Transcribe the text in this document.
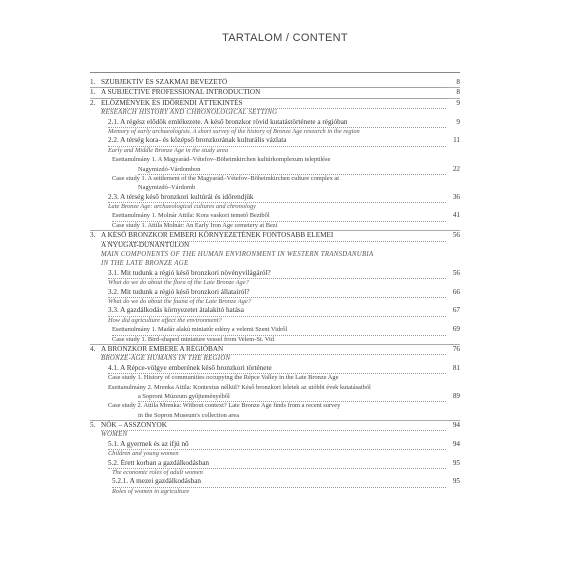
TARTALOM / CONTENT
1. SZUBJEKTÍV ÉS SZAKMAI BEVEZETŐ	8
1. A SUBJECTIVE PROFESSIONAL INTRODUCTION	8
2. ELŐZMÉNYEK ÉS IDŐRENDI ÁTTEKINTÉS	9
RESEARCH HISTORY AND CHRONOLOGICAL SETTING
2.1. A régész elődök emlékezete. A késő bronzkor rövid kutatástörténete a régióban	9
Memory of early archaeologists. A short survey of the history of Bronze Age research in the region
2.2. A térség kora- és középső bronzkorának kulturális vázlata	11
Early and Middle Bronze Age in the study area
Esettanulmány 1. A Magyarád–Vétefov–Böheimkirchen kultúrkomplexum települése
Nagymizdó-Várdombon	22
Case study 1. A settlement of the Magyarád–Vétefov–Böheimkirchen culture complex at
Nagymizdó–Várdomb
2.3. A térség késő bronzkori kultúrái és időrendjük	36
Late Bronze Age: archaeological cultures and chronology
Esettanulmány 1. Molnár Attila: Kora vaskori temető Beziből	41
Case study 1. Attila Molnár: An Early Iron Age cemetery at Bezi
3. A KÉSŐ BRONZKOR EMBERI KÖRNYEZETÉNEK FONTOSABB ELEMEI	56
A NYUGAT-DUNÁNTÚLON
MAIN COMPONENTS OF THE HUMAN ENVIRONMENT IN WESTERN TRANSDANUBIA
IN THE LATE BRONZE AGE
3.1. Mit tudunk a régió késő bronzkori növényvilágáról?	56
What do we do about the flora of the Late Bronze Age?
3.2. Mit tudunk a régió késő bronzkori állatairól?	66
What do we do about the fauna of the Late Bronze Age?
3.3. A gazdálkodás környezetet átalakító hatása	67
How did agriculture affect the environment?
Esettanulmány 1. Madár alakú miniatűr edény a velemi Szent Vidről	69
Case study 1. Bird-shaped miniature vessel from Velem-St. Vid
4. A BRONZKOR EMBERE A RÉGIÓBAN	76
BRONZE-AGE HUMANS IN THE REGION
4.1. A Répce-völgye emberének késő bronzkori története	81
Case study 1. History of communities occupying the Répce Valley in the Late Bronze Age
Esettanulmány 2. Mrenka Attila: Kontextus nélkül? Késő bronzkori leletek az utóbbi évek kutatásaiból
a Soproni Múzeum gyűjteményéből	89
Case study 2. Attila Mrenka: Without context? Late Bronze Age finds from a recent survey
in the Sopron Museum's collection area
5. NŐK – ASSZONYOK	94
WOMEN
5.1. A gyermek és az ifjú nő	94
Children and young women
5.2. Érett korban a gazdálkodásban	95
The economic roles of adult women
5.2.1. A mezei gazdálkodásban	95
Roles of women in agriculture
